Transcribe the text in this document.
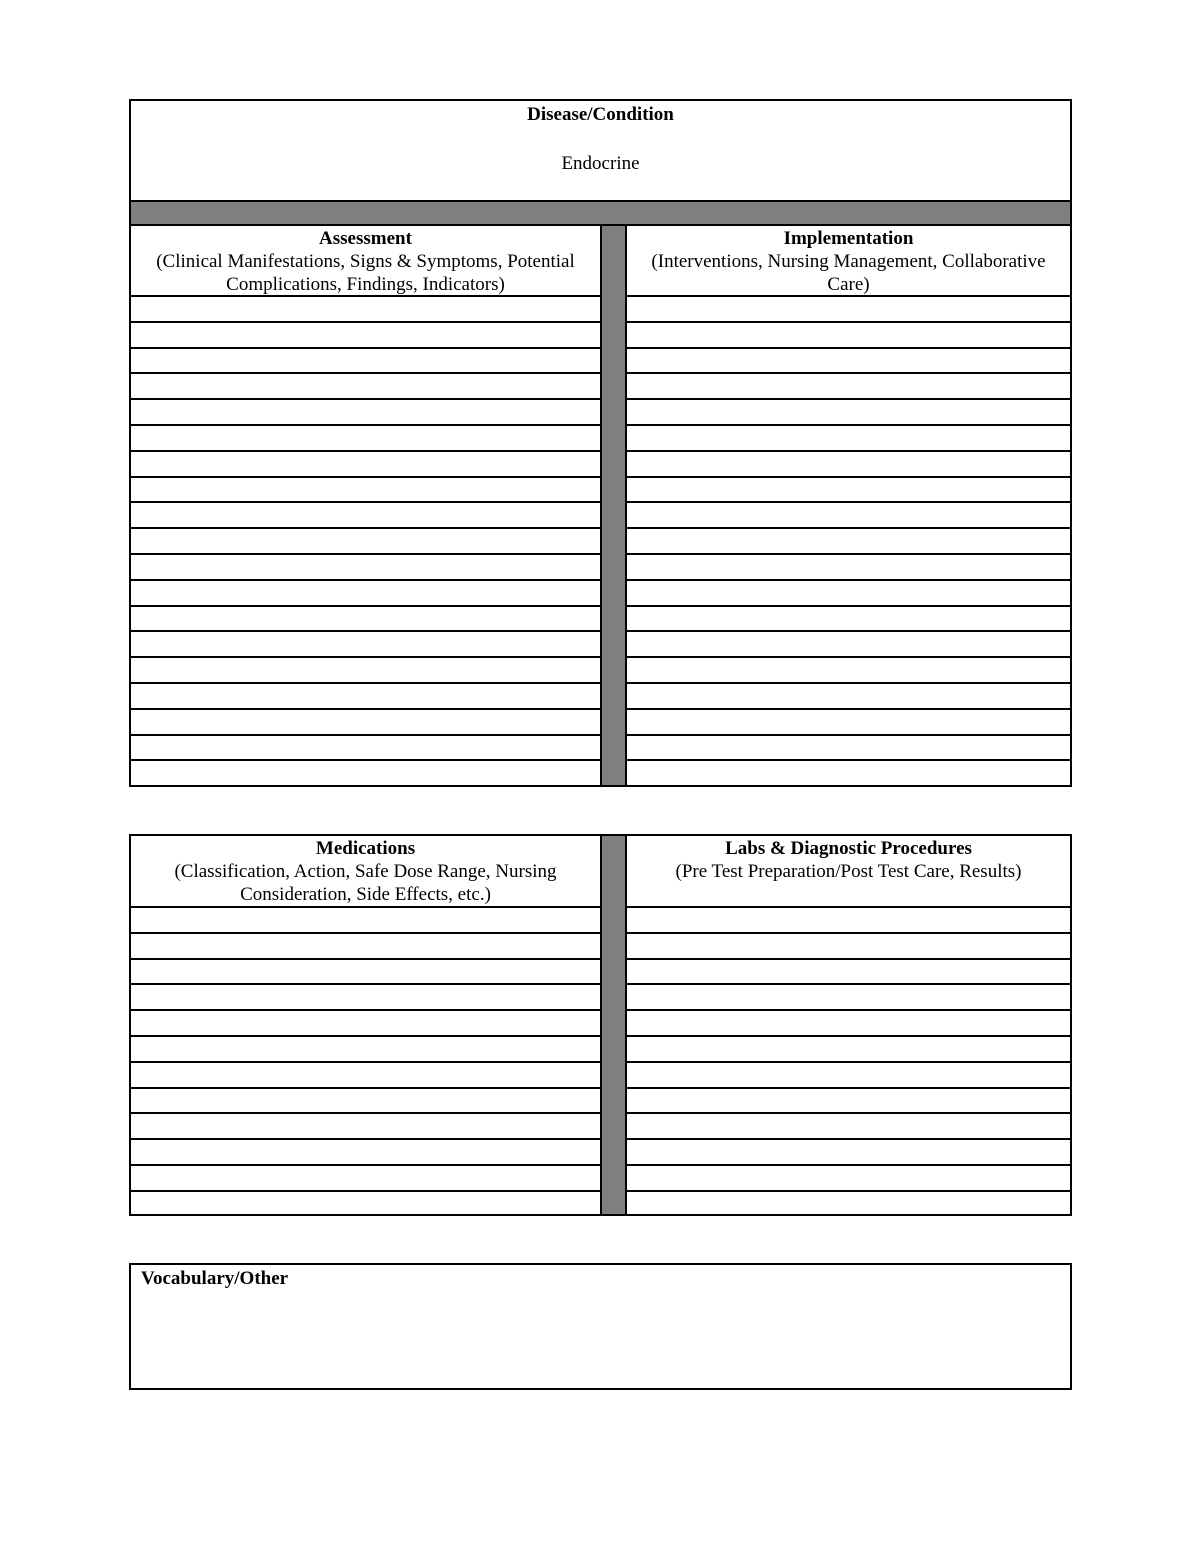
Disease/Condition
Endocrine
Assessment
(Clinical Manifestations, Signs & Symptoms, Potential Complications, Findings, Indicators)
Implementation
(Interventions, Nursing Management, Collaborative Care)
Medications
(Classification, Action, Safe Dose Range, Nursing Consideration, Side Effects, etc.)
Labs & Diagnostic Procedures
(Pre Test Preparation/Post Test Care, Results)
Vocabulary/Other
